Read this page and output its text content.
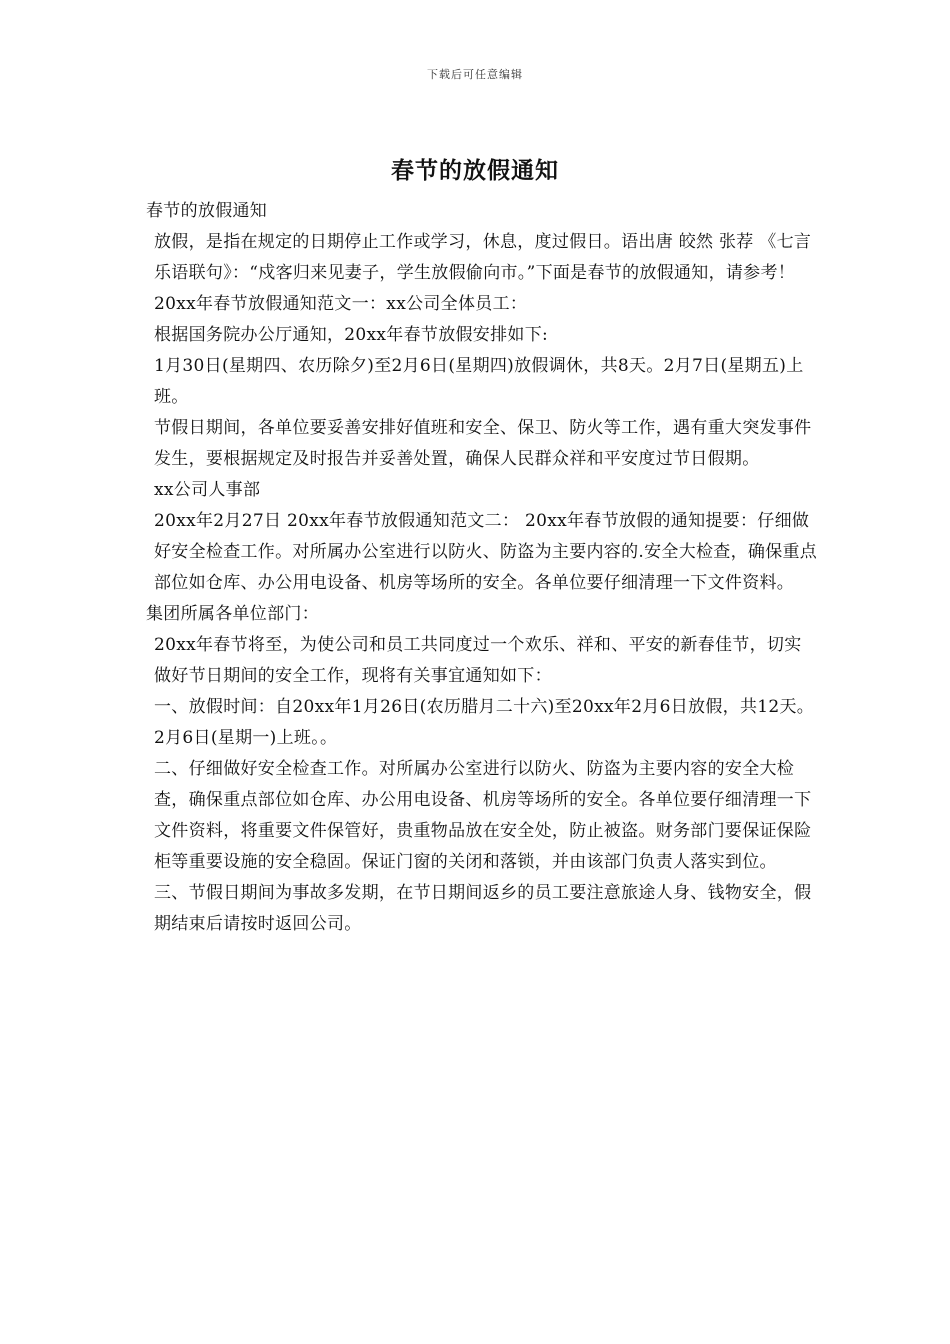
下载后可任意编辑
春节的放假通知

春节的放假通知

放假，是指在规定的日期停止工作或学习，休息，度过假日。语出唐 皎然 张荐 《七言乐语联句》：“戍客归来见妻子，学生放假偷向市。”下面是春节的放假通知，请参考！

20xx年春节放假通知范文一：xx公司全体员工：

根据国务院办公厅通知，20xx年春节放假安排如下:

1月30日(星期四、农历除夕)至2月6日(星期四)放假调休，共8天。2月7日(星期五)上班。

节假日期间，各单位要妥善安排好值班和安全、保卫、防火等工作，遇有重大突发事件发生，要根据规定及时报告并妥善处置，确保人民群众祥和平安度过节日假期。

xx公司人事部

20xx年2月27日 20xx年春节放假通知范文二： 20xx年春节放假的通知提要：仔细做好安全检查工作。对所属办公室进行以防火、防盗为主要内容的.安全大检查，确保重点部位如仓库、办公用电设备、机房等场所的安全。各单位要仔细清理一下文件资料。

集团所属各单位部门：

20xx年春节将至，为使公司和员工共同度过一个欢乐、祥和、平安的新春佳节，切实做好节日期间的安全工作，现将有关事宜通知如下：

一、放假时间：自20xx年1月26日(农历腊月二十六)至20xx年2月6日放假，共12天。2月6日(星期一)上班。。

二、仔细做好安全检查工作。对所属办公室进行以防火、防盗为主要内容的安全大检查，确保重点部位如仓库、办公用电设备、机房等场所的安全。各单位要仔细清理一下文件资料，将重要文件保管好，贵重物品放在安全处，防止被盗。财务部门要保证保险柜等重要设施的安全稳固。保证门窗的关闭和落锁，并由该部门负责人落实到位。

三、节假日期间为事故多发期，在节日期间返乡的员工要注意旅途人身、钱物安全，假期结束后请按时返回公司。
